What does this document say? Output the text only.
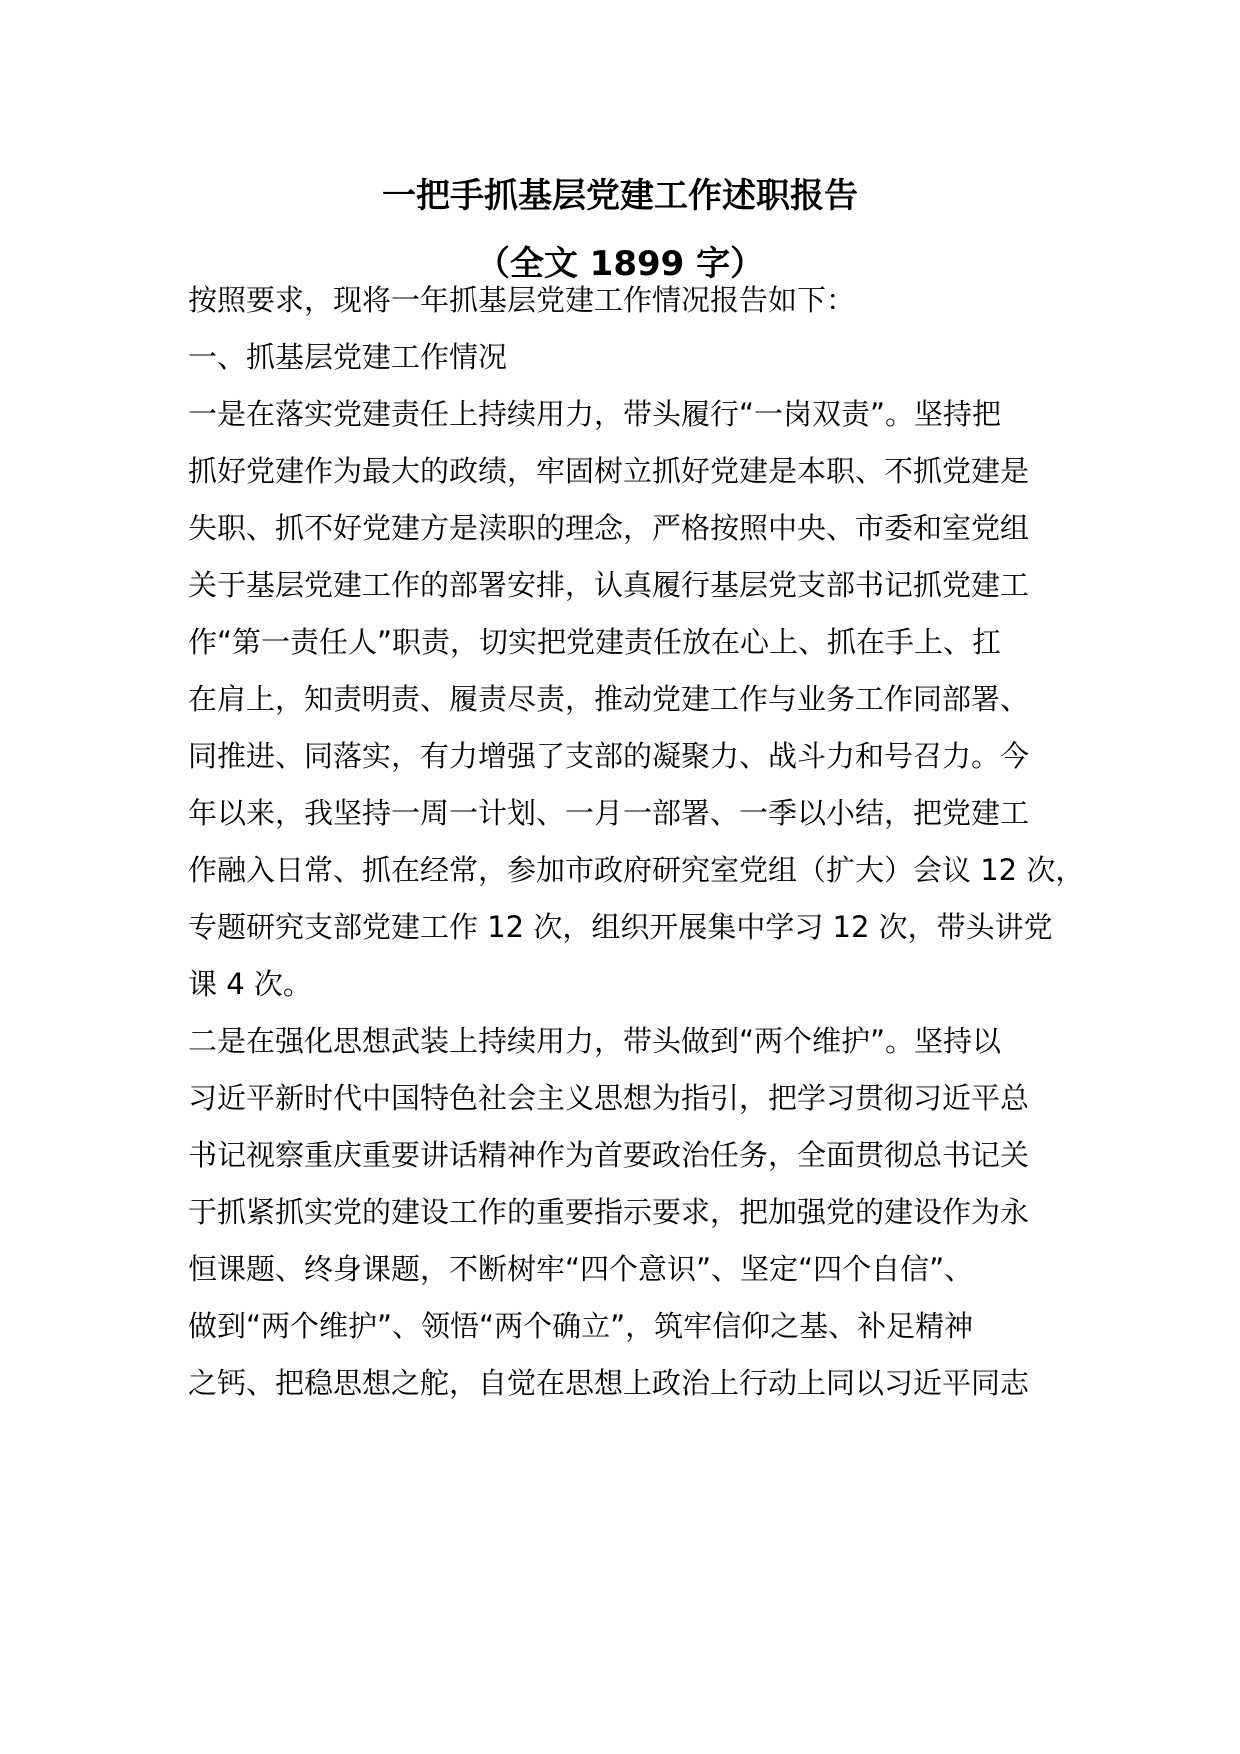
一把手抓基层党建工作述职报告
（全文 1899 字）
按照要求，现将一年抓基层党建工作情况报告如下：
一、抓基层党建工作情况
一是在落实党建责任上持续用力，带头履行“一岗双责”。坚持把
抓好党建作为最大的政绩，牢固树立抓好党建是本职、不抓党建是
失职、抓不好党建方是渎职的理念，严格按照中央、市委和室党组
关于基层党建工作的部署安排，认真履行基层党支部书记抓党建工
作“第一责任人”职责，切实把党建责任放在心上、抓在手上、扛
在肩上，知责明责、履责尽责，推动党建工作与业务工作同部署、
同推进、同落实，有力增强了支部的凝聚力、战斗力和号召力。今
年以来，我坚持一周一计划、一月一部署、一季以小结，把党建工
作融入日常、抓在经常，参加市政府研究室党组（扩大）会议 12 次，
专题研究支部党建工作 12 次，组织开展集中学习 12 次，带头讲党
课 4 次。
二是在强化思想武装上持续用力，带头做到“两个维护”。坚持以
习近平新时代中国特色社会主义思想为指引，把学习贯彻习近平总
书记视察重庆重要讲话精神作为首要政治任务，全面贯彻总书记关
于抓紧抓实党的建设工作的重要指示要求，把加强党的建设作为永
恒课题、终身课题，不断树牢“四个意识”、坚定“四个自信”、
做到“两个维护”、领悟“两个确立”，筑牢信仰之基、补足精神
之钙、把稳思想之舵，自觉在思想上政治上行动上同以习近平同志
